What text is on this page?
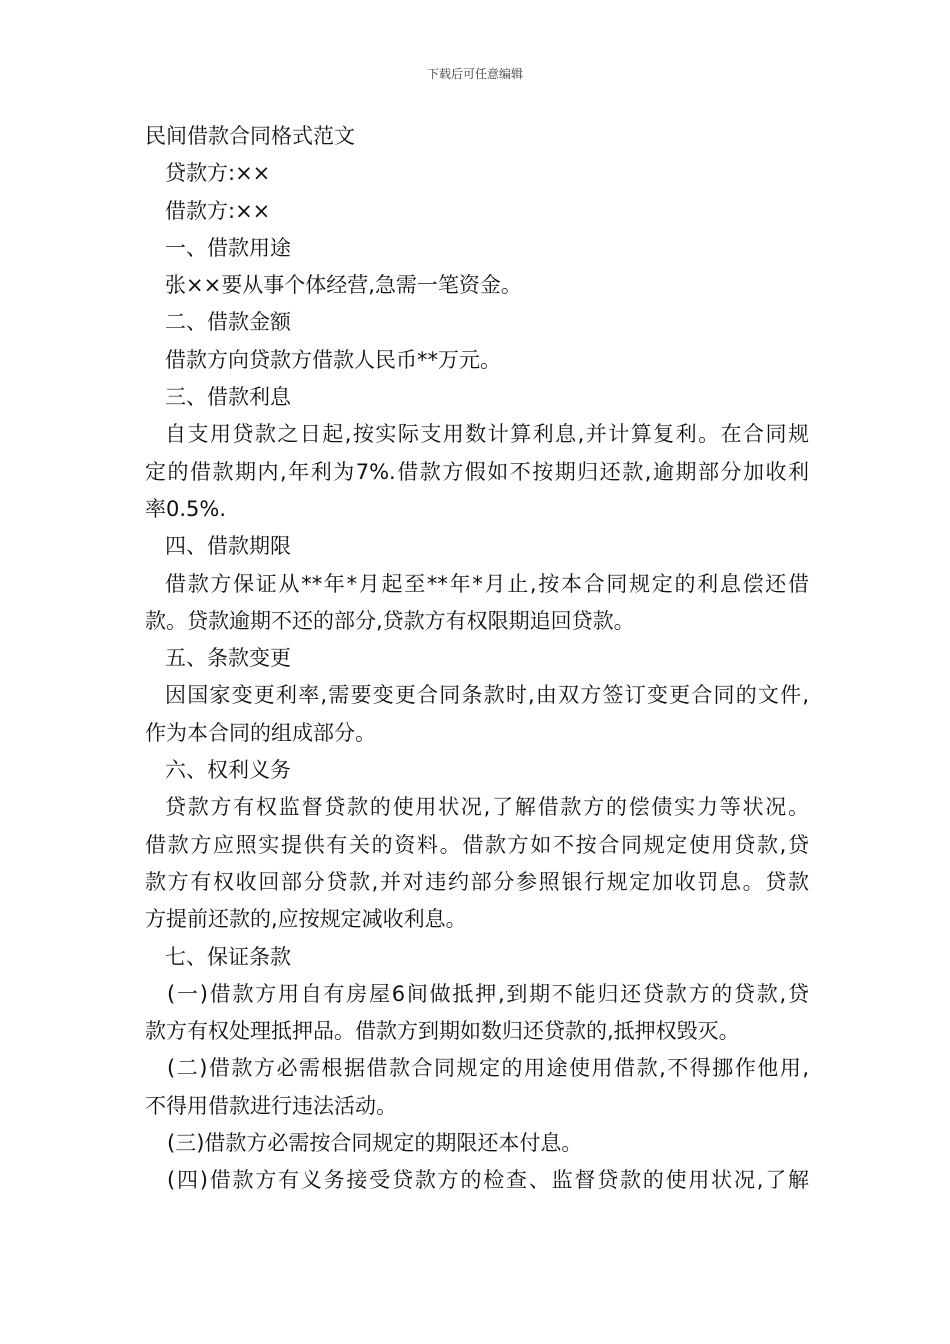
下载后可任意编辑
民间借款合同格式范文
贷款方:××
借款方:××
一、借款用途
张××要从事个体经营,急需一笔资金。
二、借款金额
借款方向贷款方借款人民币**万元。
三、借款利息
自支用贷款之日起,按实际支用数计算利息,并计算复利。在合同规
定的借款期内,年利为7%.借款方假如不按期归还款,逾期部分加收利
率0.5%.
四、借款期限
借款方保证从**年*月起至**年*月止,按本合同规定的利息偿还借
款。贷款逾期不还的部分,贷款方有权限期追回贷款。
五、条款变更
因国家变更利率,需要变更合同条款时,由双方签订变更合同的文件,
作为本合同的组成部分。
六、权利义务
贷款方有权监督贷款的使用状况,了解借款方的偿债实力等状况。
借款方应照实提供有关的资料。借款方如不按合同规定使用贷款,贷
款方有权收回部分贷款,并对违约部分参照银行规定加收罚息。贷款
方提前还款的,应按规定减收利息。
七、保证条款
(一)借款方用自有房屋6间做抵押,到期不能归还贷款方的贷款,贷
款方有权处理抵押品。借款方到期如数归还贷款的,抵押权毁灭。
(二)借款方必需根据借款合同规定的用途使用借款,不得挪作他用,
不得用借款进行违法活动。
(三)借款方必需按合同规定的期限还本付息。
(四)借款方有义务接受贷款方的检查、监督贷款的使用状况,了解
